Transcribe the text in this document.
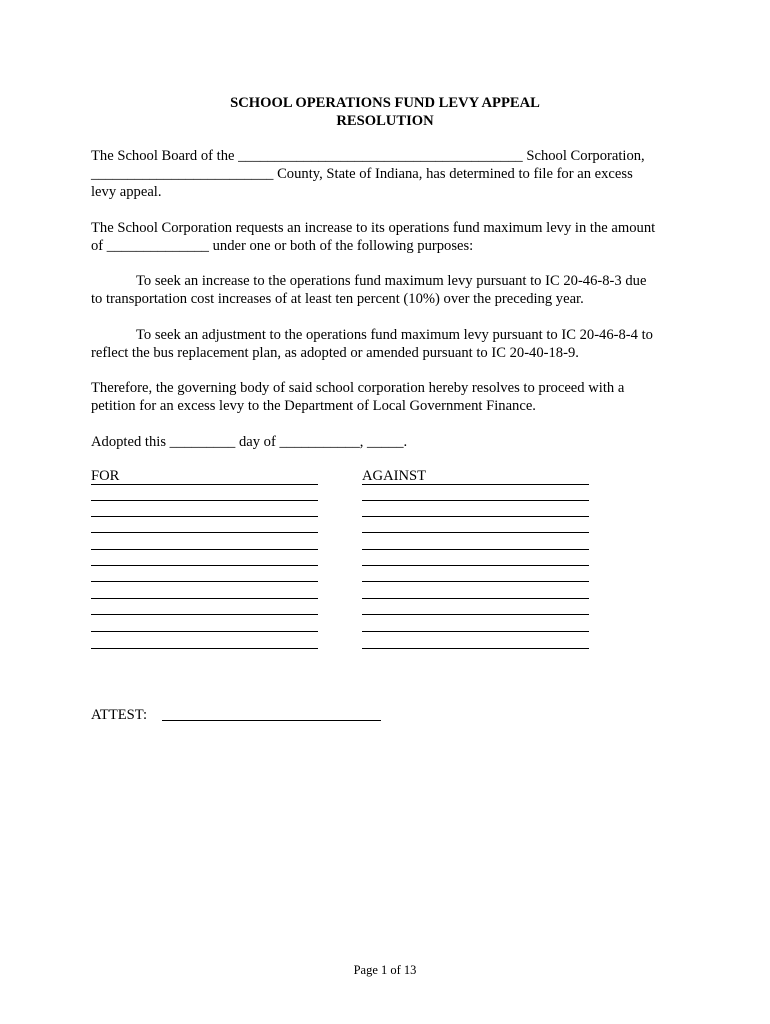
SCHOOL OPERATIONS FUND LEVY APPEAL
RESOLUTION
The School Board of the _______________________________________ School Corporation,
_________________________ County, State of Indiana, has determined to file for an excess
levy appeal.
The School Corporation requests an increase to its operations fund maximum levy in the amount
of ______________ under one or both of the following purposes:
To seek an increase to the operations fund maximum levy pursuant to IC 20-46-8-3 due
to transportation cost increases of at least ten percent (10%) over the preceding year.
To seek an adjustment to the operations fund maximum levy pursuant to IC 20-46-8-4 to
reflect the bus replacement plan, as adopted or amended pursuant to IC 20-40-18-9.
Therefore, the governing body of said school corporation hereby resolves to proceed with a
petition for an excess levy to the Department of Local Government Finance.
Adopted this _________ day of ___________, _____.
FOR	AGAINST
ATTEST:
Page 1 of 13
